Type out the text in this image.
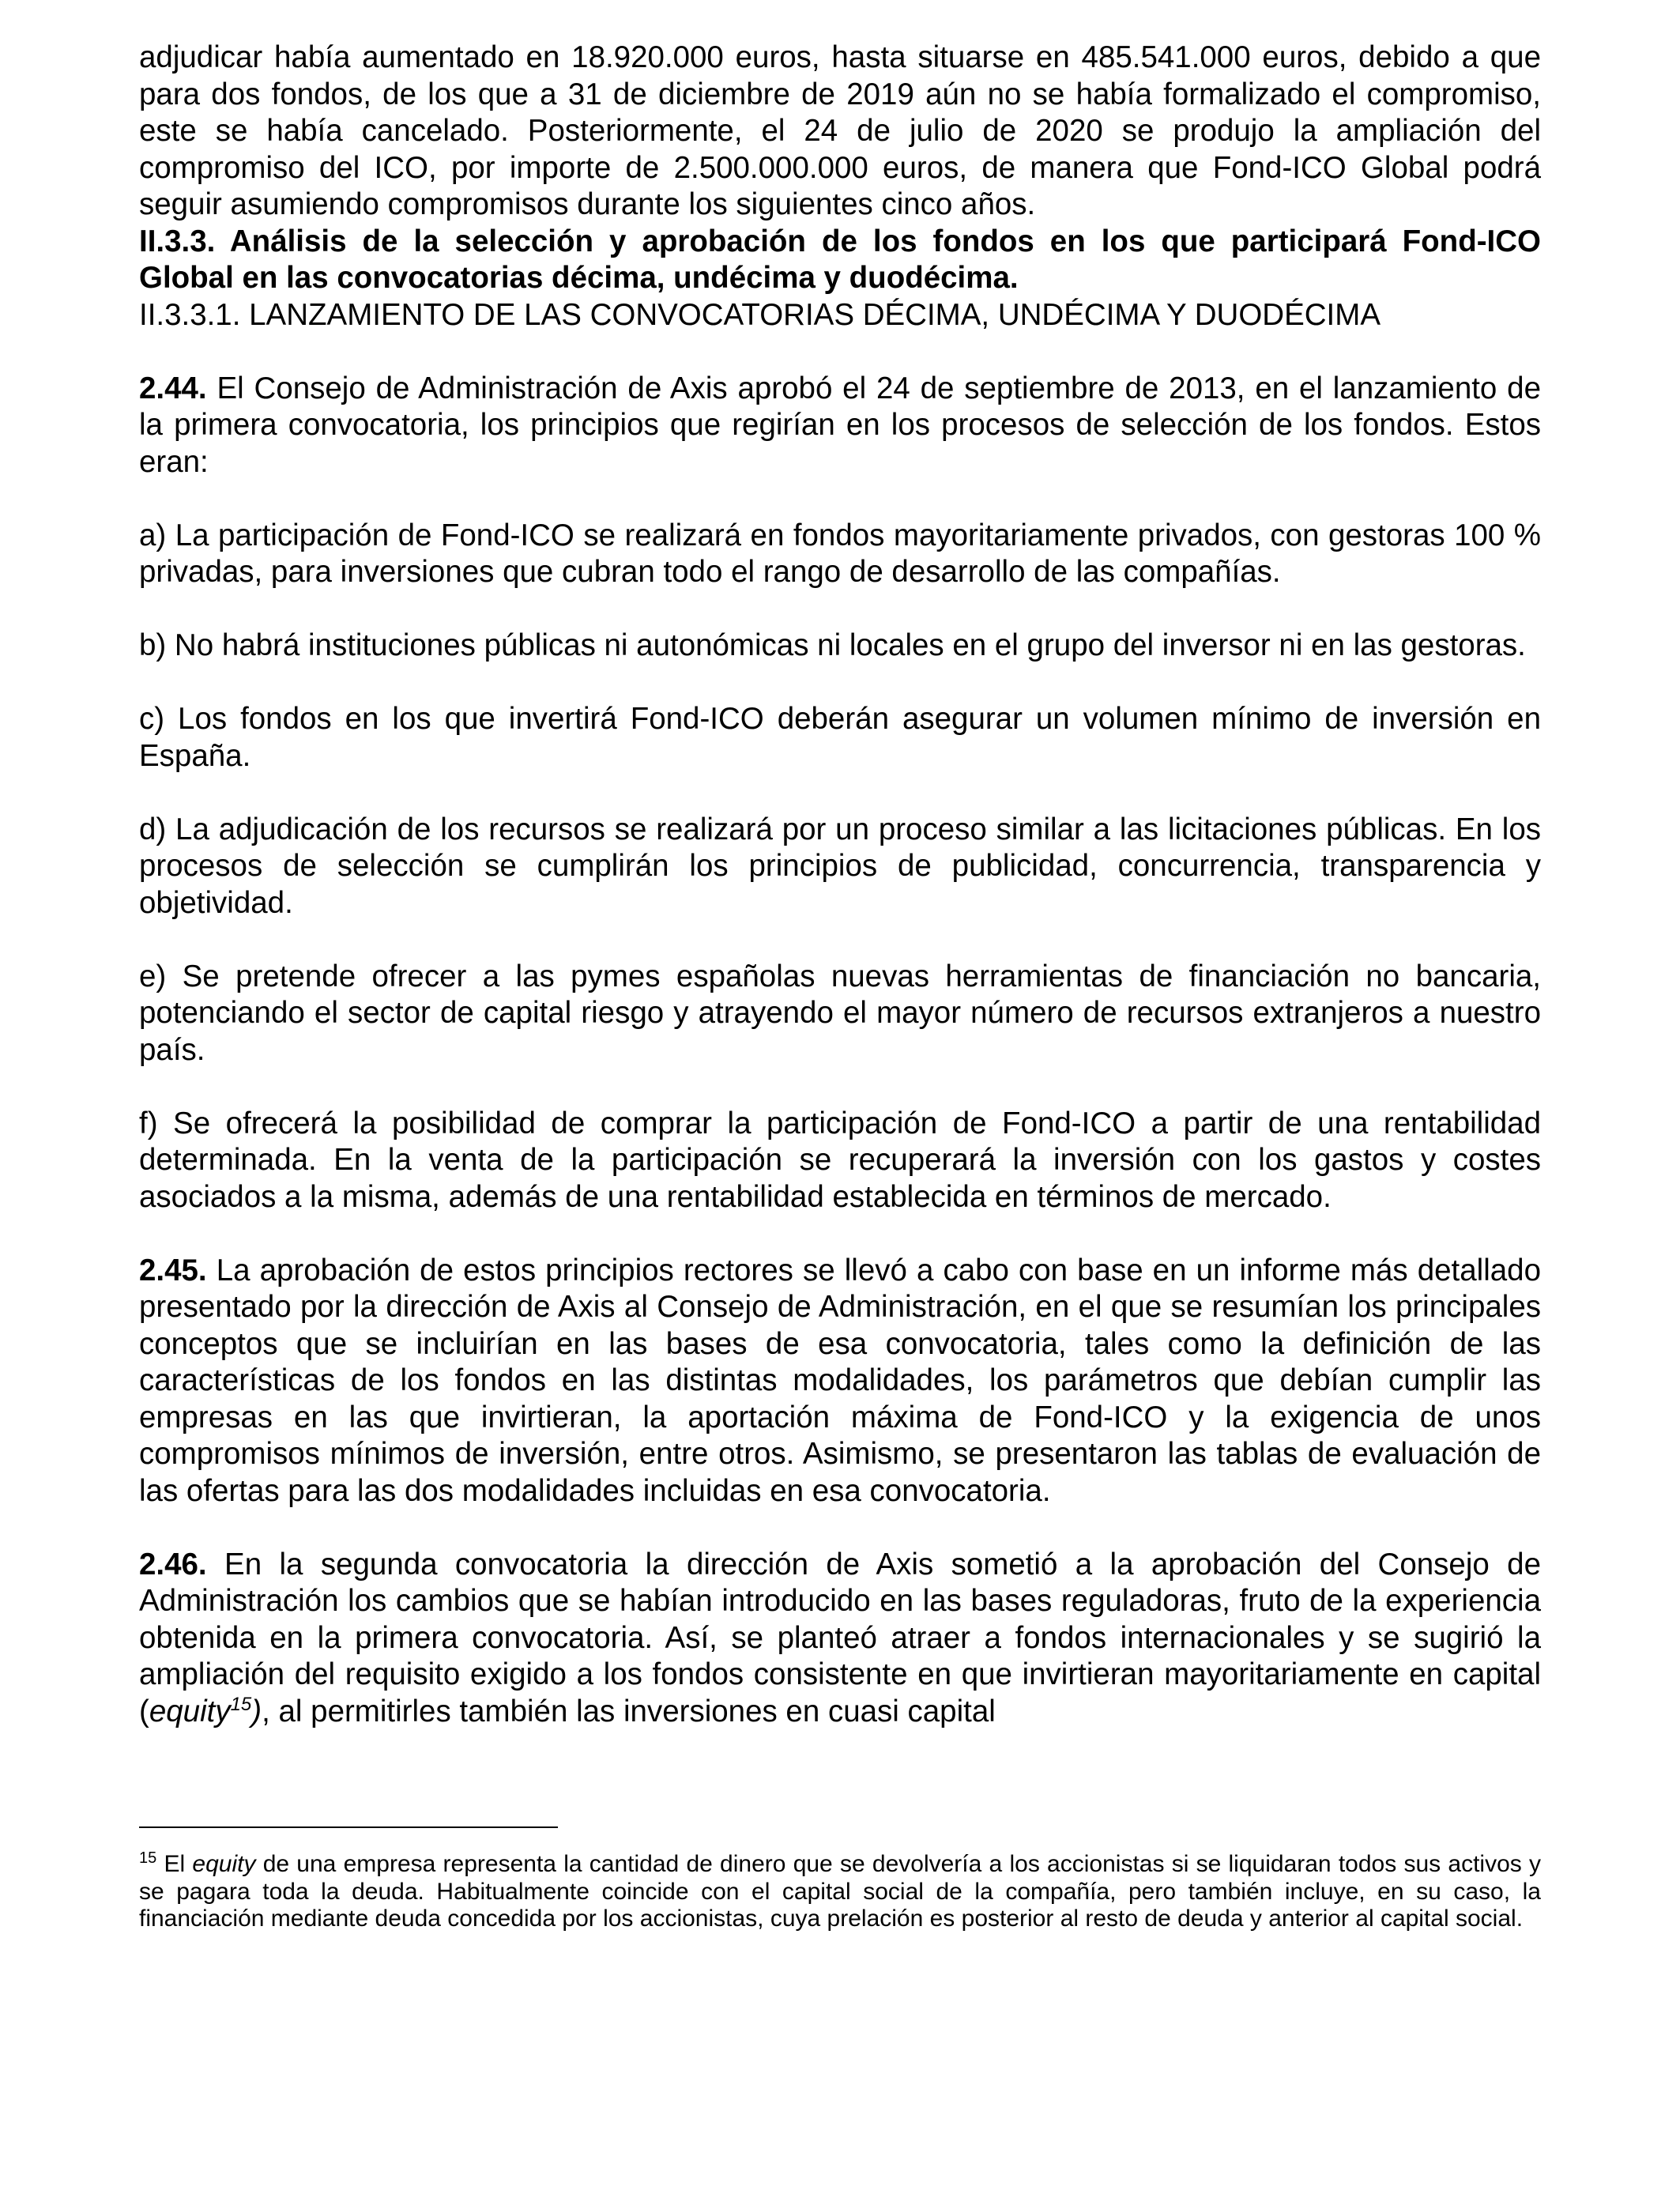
adjudicar había aumentado en 18.920.000 euros, hasta situarse en 485.541.000 euros, debido a que para dos fondos, de los que a 31 de diciembre de 2019 aún no se había formalizado el compromiso, este se había cancelado. Posteriormente, el 24 de julio de 2020 se produjo la ampliación del compromiso del ICO, por importe de 2.500.000.000 euros, de manera que Fond-ICO Global podrá seguir asumiendo compromisos durante los siguientes cinco años.

II.3.3. Análisis de la selección y aprobación de los fondos en los que participará Fond-ICO Global en las convocatorias décima, undécima y duodécima.

II.3.3.1. LANZAMIENTO DE LAS CONVOCATORIAS DÉCIMA, UNDÉCIMA Y DUODÉCIMA

2.44. El Consejo de Administración de Axis aprobó el 24 de septiembre de 2013, en el lanzamiento de la primera convocatoria, los principios que regirían en los procesos de selección de los fondos. Estos eran:

a) La participación de Fond-ICO se realizará en fondos mayoritariamente privados, con gestoras 100 % privadas, para inversiones que cubran todo el rango de desarrollo de las compañías.

b) No habrá instituciones públicas ni autonómicas ni locales en el grupo del inversor ni en las gestoras.

c) Los fondos en los que invertirá Fond-ICO deberán asegurar un volumen mínimo de inversión en España.

d) La adjudicación de los recursos se realizará por un proceso similar a las licitaciones públicas. En los procesos de selección se cumplirán los principios de publicidad, concurrencia, transparencia y objetividad.

e) Se pretende ofrecer a las pymes españolas nuevas herramientas de financiación no bancaria, potenciando el sector de capital riesgo y atrayendo el mayor número de recursos extranjeros a nuestro país.

f) Se ofrecerá la posibilidad de comprar la participación de Fond-ICO a partir de una rentabilidad determinada. En la venta de la participación se recuperará la inversión con los gastos y costes asociados a la misma, además de una rentabilidad establecida en términos de mercado.

2.45. La aprobación de estos principios rectores se llevó a cabo con base en un informe más detallado presentado por la dirección de Axis al Consejo de Administración, en el que se resumían los principales conceptos que se incluirían en las bases de esa convocatoria, tales como la definición de las características de los fondos en las distintas modalidades, los parámetros que debían cumplir las empresas en las que invirtieran, la aportación máxima de Fond-ICO y la exigencia de unos compromisos mínimos de inversión, entre otros. Asimismo, se presentaron las tablas de evaluación de las ofertas para las dos modalidades incluidas en esa convocatoria.

2.46. En la segunda convocatoria la dirección de Axis sometió a la aprobación del Consejo de Administración los cambios que se habían introducido en las bases reguladoras, fruto de la experiencia obtenida en la primera convocatoria. Así, se planteó atraer a fondos internacionales y se sugirió la ampliación del requisito exigido a los fondos consistente en que invirtieran mayoritariamente en capital (equity$^{15}$), al permitirles también las inversiones en cuasi capital

$^{15}$ El equity de una empresa representa la cantidad de dinero que se devolvería a los accionistas si se liquidaran todos sus activos y se pagara toda la deuda. Habitualmente coincide con el capital social de la compañía, pero también incluye, en su caso, la financiación mediante deuda concedida por los accionistas, cuya prelación es posterior al resto de deuda y anterior al capital social.
